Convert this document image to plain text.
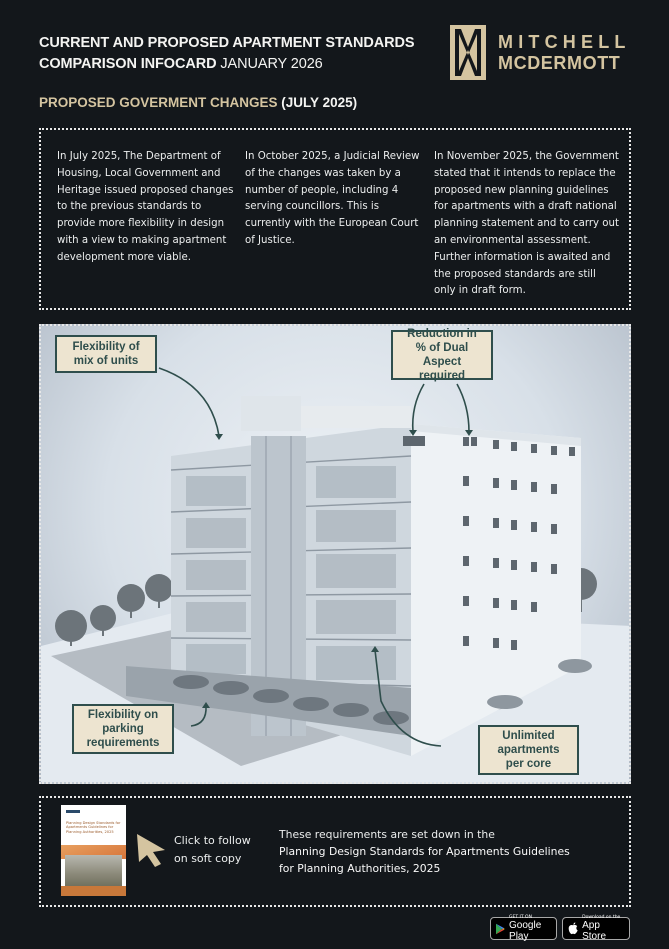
CURRENT AND PROPOSED APARTMENT STANDARDS
COMPARISON INFOCARD JANUARY 2026
MITCHELL
MCDERMOTT
PROPOSED GOVERMENT CHANGES (JULY 2025)
In July 2025, The Department of Housing, Local Government and Heritage issued proposed changes to the previous standards to provide more flexibility in design with a view to making apartment development more viable.
In October 2025, a Judicial Review of the changes was taken by a number of people, including 4 serving councillors. This is currently with the European Court of Justice.
In November 2025, the Government stated that it intends to replace the proposed new planning guidelines for apartments with a draft national planning statement and to carry out an environmental assessment. Further information is awaited and the proposed standards are still only in draft form.
Flexibility of mix of units
Reduction in % of Dual Aspect required
Flexibility on parking requirements
Unlimited apartments per core
Planning Design Standards for Apartments Guidelines for Planning Authorities, 2025
Click to follow
on soft copy
These requirements are set down in the
Planning Design Standards for Apartments Guidelines
for Planning Authorities, 2025
GET IT ON
Google Play
Download on the
App Store
